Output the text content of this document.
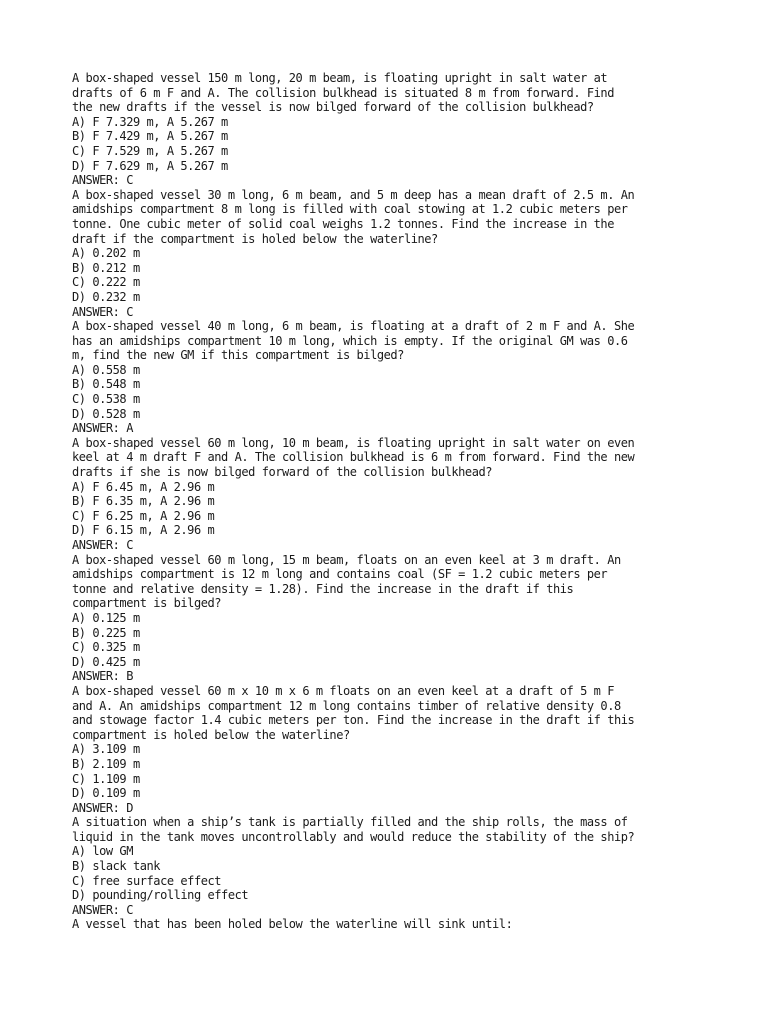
A box-shaped vessel 150 m long, 20 m beam, is floating upright in salt water at
drafts of 6 m F and A. The collision bulkhead is situated 8 m from forward. Find
the new drafts if the vessel is now bilged forward of the collision bulkhead?
A) F 7.329 m, A 5.267 m
B) F 7.429 m, A 5.267 m
C) F 7.529 m, A 5.267 m
D) F 7.629 m, A 5.267 m
ANSWER: C
A box-shaped vessel 30 m long, 6 m beam, and 5 m deep has a mean draft of 2.5 m. An
amidships compartment 8 m long is filled with coal stowing at 1.2 cubic meters per
tonne. One cubic meter of solid coal weighs 1.2 tonnes. Find the increase in the
draft if the compartment is holed below the waterline?
A) 0.202 m
B) 0.212 m
C) 0.222 m
D) 0.232 m
ANSWER: C
A box-shaped vessel 40 m long, 6 m beam, is floating at a draft of 2 m F and A. She
has an amidships compartment 10 m long, which is empty. If the original GM was 0.6
m, find the new GM if this compartment is bilged?
A) 0.558 m
B) 0.548 m
C) 0.538 m
D) 0.528 m
ANSWER: A
A box-shaped vessel 60 m long, 10 m beam, is floating upright in salt water on even
keel at 4 m draft F and A. The collision bulkhead is 6 m from forward. Find the new
drafts if she is now bilged forward of the collision bulkhead?
A) F 6.45 m, A 2.96 m
B) F 6.35 m, A 2.96 m
C) F 6.25 m, A 2.96 m
D) F 6.15 m, A 2.96 m
ANSWER: C
A box-shaped vessel 60 m long, 15 m beam, floats on an even keel at 3 m draft. An
amidships compartment is 12 m long and contains coal (SF = 1.2 cubic meters per
tonne and relative density = 1.28). Find the increase in the draft if this
compartment is bilged?
A) 0.125 m
B) 0.225 m
C) 0.325 m
D) 0.425 m
ANSWER: B
A box-shaped vessel 60 m x 10 m x 6 m floats on an even keel at a draft of 5 m F
and A. An amidships compartment 12 m long contains timber of relative density 0.8
and stowage factor 1.4 cubic meters per ton. Find the increase in the draft if this
compartment is holed below the waterline?
A) 3.109 m
B) 2.109 m
C) 1.109 m
D) 0.109 m
ANSWER: D
A situation when a ship’s tank is partially filled and the ship rolls, the mass of
liquid in the tank moves uncontrollably and would reduce the stability of the ship?
A) low GM
B) slack tank
C) free surface effect
D) pounding/rolling effect
ANSWER: C
A vessel that has been holed below the waterline will sink until:
